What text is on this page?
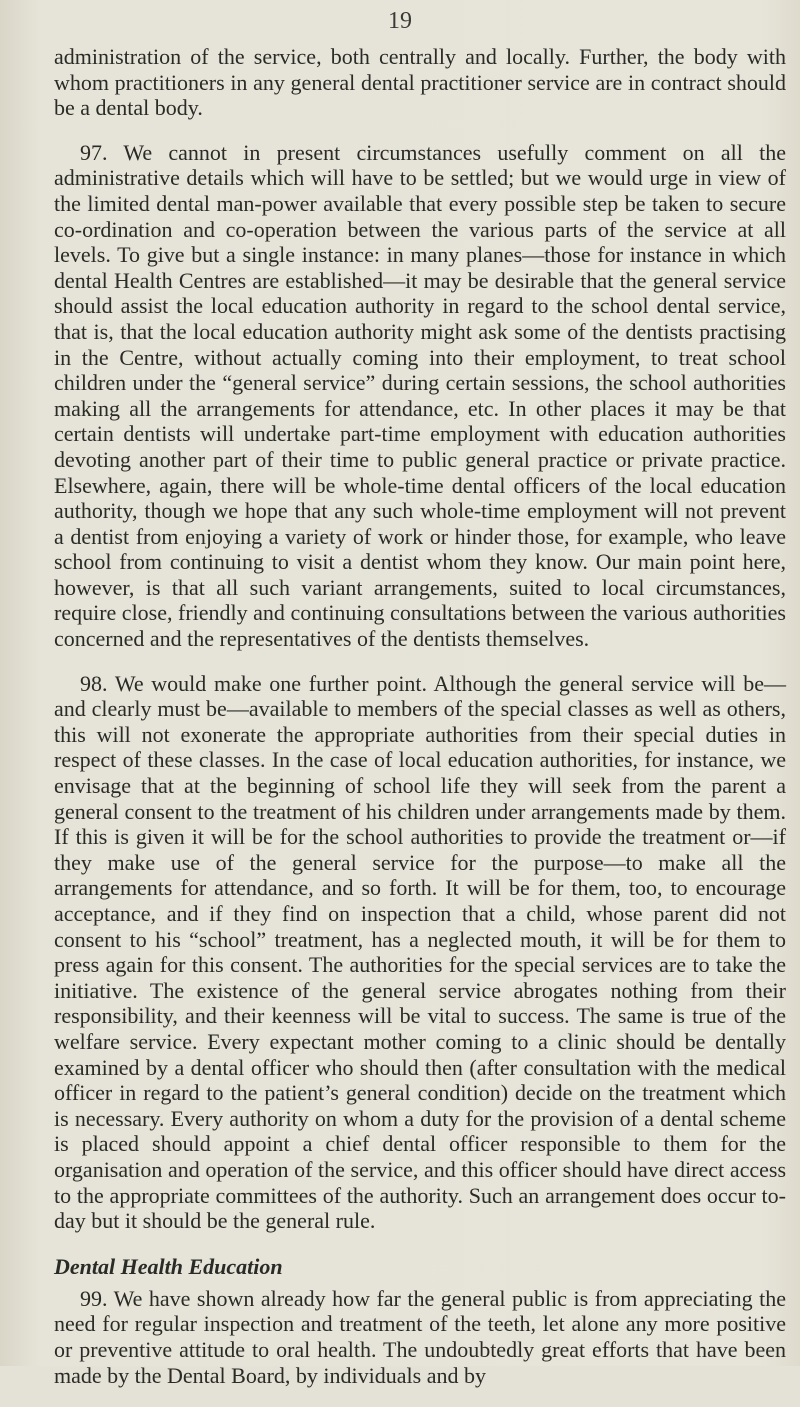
19

administration of the service, both centrally and locally. Further, the body with whom practitioners in any general dental practitioner service are in contract should be a dental body.

97. We cannot in present circumstances usefully comment on all the administrative details which will have to be settled; but we would urge in view of the limited dental man-power available that every possible step be taken to secure co-ordination and co-operation between the various parts of the service at all levels. To give but a single instance: in many planes—those for instance in which dental Health Centres are established—it may be desirable that the general service should assist the local education authority in regard to the school dental service, that is, that the local education authority might ask some of the dentists practising in the Centre, without actually coming into their employment, to treat school children under the “general service” during certain sessions, the school authorities making all the arrangements for attendance, etc. In other places it may be that certain dentists will undertake part-time employment with education authorities devoting another part of their time to public general practice or private practice. Elsewhere, again, there will be whole-time dental officers of the local education authority, though we hope that any such whole-time employment will not prevent a dentist from enjoying a variety of work or hinder those, for example, who leave school from continuing to visit a dentist whom they know. Our main point here, however, is that all such variant arrangements, suited to local circumstances, require close, friendly and continuing consultations between the various authorities concerned and the representatives of the dentists themselves.

98. We would make one further point. Although the general service will be—and clearly must be—available to members of the special classes as well as others, this will not exonerate the appropriate authorities from their special duties in respect of these classes. In the case of local education authorities, for instance, we envisage that at the beginning of school life they will seek from the parent a general consent to the treatment of his children under arrangements made by them. If this is given it will be for the school authorities to provide the treatment or—if they make use of the general service for the purpose—to make all the arrangements for attendance, and so forth. It will be for them, too, to encourage acceptance, and if they find on inspection that a child, whose parent did not consent to his “school” treatment, has a neglected mouth, it will be for them to press again for this consent. The authorities for the special services are to take the initiative. The existence of the general service abrogates nothing from their responsibility, and their keenness will be vital to success. The same is true of the welfare service. Every expectant mother coming to a clinic should be dentally examined by a dental officer who should then (after consultation with the medical officer in regard to the patient’s general condition) decide on the treatment which is necessary. Every authority on whom a duty for the provision of a dental scheme is placed should appoint a chief dental officer responsible to them for the organisation and operation of the service, and this officer should have direct access to the appropriate committees of the authority. Such an arrangement does occur to-day but it should be the general rule.

Dental Health Education

99. We have shown already how far the general public is from appreciating the need for regular inspection and treatment of the teeth, let alone any more positive or preventive attitude to oral health. The undoubtedly great efforts that have been made by the Dental Board, by individuals and by
